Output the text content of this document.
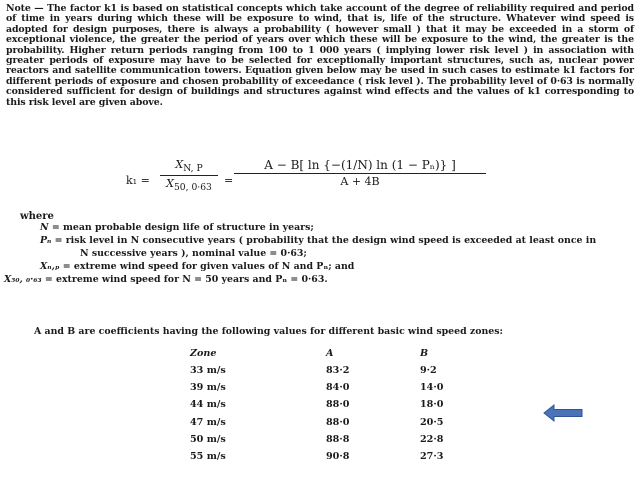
Note — The factor k1 is based on statistical concepts which take account of the degree of reliability required and period of time in years during which these will be exposure to wind, that is, life of the structure. Whatever wind speed is adopted for design purposes, there is always a probability ( however small ) that it may be exceeded in a storm of exceptional violence, the greater the period of years over which these will be exposure to the wind, the greater is the probability. Higher return periods ranging from 100 to 1 000 years ( implying lower risk level ) in association with greater periods of exposure may have to be selected for exceptionally important structures, such as, nuclear power reactors and satellite communication towers. Equation given below may be used in such cases to estimate k1 factors for different periods of exposure and chosen probability of exceedance ( risk level ). The probability level of 0·63 is normally considered sufficient for design of buildings and structures against wind effects and the values of k1 corresponding to this risk level are given above.
k₁ =
$X_{N, P}$
$X_{50, 0\cdot 63}$
=
A − B[ ln {−(1/N) ln (1 − Pₙ)} ]
A + 4B
where
N = mean probable design life of structure in years;
Pₙ = risk level in N consecutive years ( probability that the design wind speed is exceeded at least once in
N successive years ), nominal value = 0·63;
Xₙ,ₚ = extreme wind speed for given values of N and Pₙ; and
X₅₀, ₀·₆₃ = extreme wind speed for N = 50 years and Pₙ = 0·63.
A and B are coefficients having the following values for different basic wind speed zones:
Zone	A	B
33 m/s	83·2	9·2
39 m/s	84·0	14·0
44 m/s	88·0	18·0
47 m/s	88·0	20·5
50 m/s	88·8	22·8
55 m/s	90·8	27·3
